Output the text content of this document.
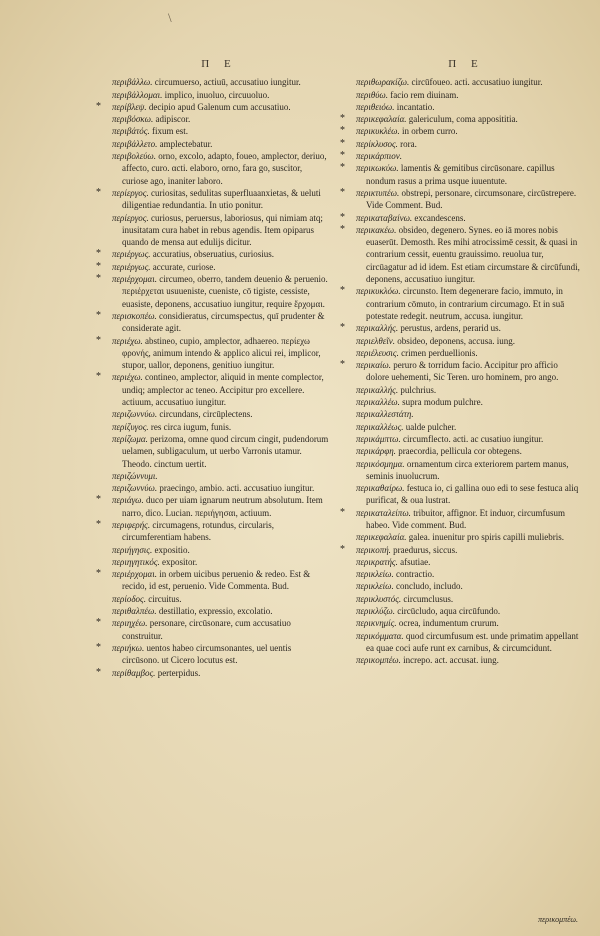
\
Π E

περιβάλλω. circumuerso, actiuū, accusatiuo iungitur.

περιβάλλομαι. implico, inuoluo, circuuoluo.

* περίβλεψ. decipio apud Galenum cum accusatiuo.

περιβόσκω. adipiscor.

περιβάτός. fixum est.

περιβάλλετο. amplectebatur.

περιβολεύω. orno, excolo, adapto, foueo, amplector, deriuo, affecto, curo. αcti. elaboro, orno, fara go, suscitor, curiose ago, inaniter laboro.

* περίεργος. curiositas, sedulitas superfluaanxietas, & ueluti diligentiae redundantia. In utio ponitur.

περίεργος. curiosus, peruersus, laboriosus, qui nimiam atq; inusitatam cura habet in rebus agendis. Item opiparus quando de mensa aut edulijs dicitur.

* περιέργως. accuratius, obseruatius, curiosius.

* περιέργως. accurate, curiose.

* περιέρχομαι. circumeo, oberro, tandem deuenio & peruenio. περιέρχεται usuueniste, cueniste, cō tigiste, cessiste, euasiste, deponens, accusatiuo iungitur, require ἔρχομαι.

* περισκοπέω. considieratus, circumspectus, quī prudenter & considerate agit.

* περιέχω. abstineo, cupio, amplector, adhaereo. περίεχω φρονής, animum intendo & applico alicui rei, implicor, stupor, uallor, deponens, genitiuo iungitur.

* περιέχω. contineo, amplector, aliquid in mente complector, undiq; amplector ac teneo. Accipitur pro excellere. actiuum, accusatiuo iungitur.

περιζωννύω. circundans, circūplectens.

περίζυγος. res circa iugum, funis.

περίζωμα. perizoma, omne quod circum cingit, pudendorum uelamen, subligaculum, ut uerbo Varronis utamur. Theodo. cinctum uertit.

περιζώννυμι.

περιζωννύω. praecingo, ambio. acti. accusatiuo iungitur.

* περιάγω. duco per uiam ignarum neutrum absolutum. Item narro, dico. Lucian. περιήγησαι, actiuum.

* περιφερής. circumagens, rotundus, circularis, circumferentiam habens.

περιήγησις. expositio.

περιηγητικός. expositor.

* περιέρχομαι. in orbem uicibus peruenio & redeo. Est & recido, id est, peruenio. Vide Commenta. Bud.

περίοδος. circuitus.

περιθαλπέω. destillatio, expressio, excolatio.

* περιηχέω. personare, circūsonare, cum accusatiuo construitur.

* περιήκω. uentos habeo circumsonantes, uel uentis circūsono. ut Cicero locutus est.

* περίθαμβος. perterpidus.

Π E

περιθωρακίζω. circūfoueo. acti. accusatiuo iungitur.

περιθύω. facio rem diuinam.

περιθειόω. incantatio.

* περικεφαλαία. galericulum, coma apposititia.

* περικυκλέω. in orbem curro.

* περίκλυσος. rora.

* περικάρπιον.

* περικωκύω. lamentis & gemitibus circūsonare. capillus nondum rasus a prima usque iuuentute.

* περικτυπέω. obstrepi, personare, circumsonare, circūstrepere. Vide Comment. Bud.

* περικαταβαίνω. excandescens.

* περικακέω. obsideo, degenero. Synes. eo iā mores nobis euaserūt. Demosth. Res mihi atrocissimē cessit, & quasi in contrarium cessit, euentu grauissimo. reuolua tur, circūagatur ad id idem. Est etiam circumstare & circūfundi, deponens, accusatiuo iungitur.

* περικυκλόω. circunsto. Item degenerare facio, immuto, in contrarium cōmuto, in contrarium circumago. Et in suā potestate redegit. neutrum, accusa. iungitur.

* περικαλλής. perustus, ardens, perarid us.

περιελθεῖν. obsideo, deponens, accusa. iung.

περιέλευσις. crimen perduellionis.

* περικαίω. peruro & torridum facio. Accipitur pro afficio dolore uehementi, Sic Teren. uro hominem, pro ango.

περικαλλής. pulchrius.

περικαλλέω. supra modum pulchre.

περικαλλεστάτη.

περικαλλέως. ualde pulcher.

περικάμπτω. circumflecto. acti. ac cusatiuo iungitur.

περικάρφη. praecordia, pellicula cor obtegens.

περικόσμημα. ornamentum circa exteriorem partem manus, seminis inuolucrum.

περικαθαίρω. festuca io, ci gallina ouo edi to sese festuca aliq purificat, & oua lustrat.

* περικαταλείπω. tribuitor, affignor. Et induor, circumfusum habeo. Vide comment. Bud.

περικεφαλαία. galea. inuenitur pro spiris capilli muliebris.

* περικοπή. praedurus, siccus.

περικρατής. afsutiae.

περικλείω. contractio.

περικλείω. concludo, includo.

περικλυστός. circumclusus.

περικλύζω. circūcludo, aqua circūfundo.

περικνημίς. ocrea, indumentum crurum.

περικόμματα. quod circumfusum est. unde primatim appellant ea quae coci aufe runt ex carnibus, & circumcidunt.

περικομπέω. increpo. act. accusat. iung.

περικομπέω.
